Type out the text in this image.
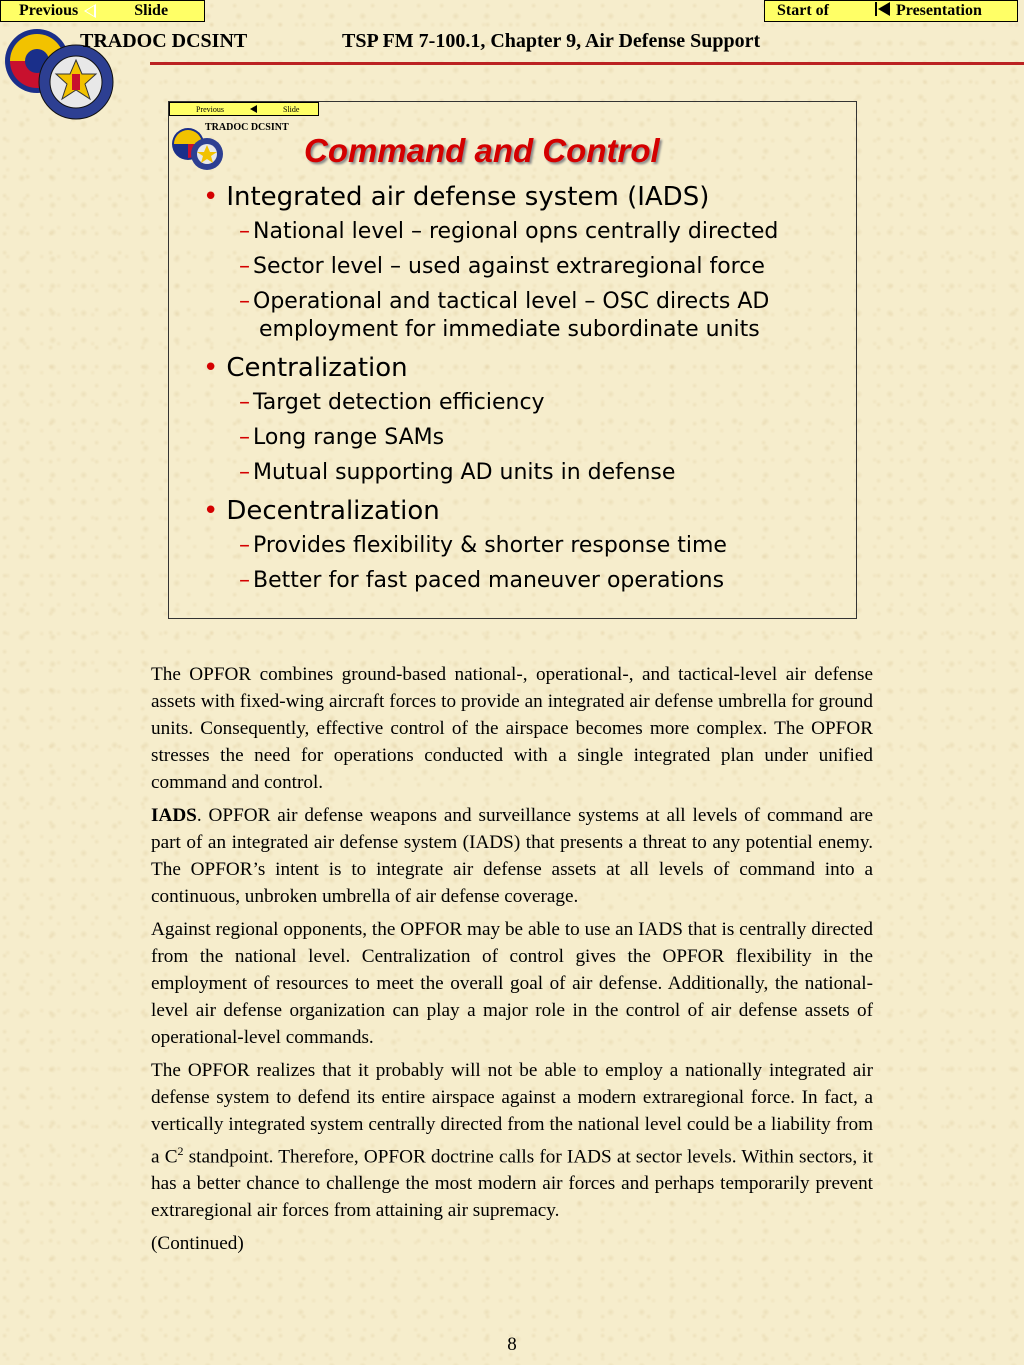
Previous	Slide	Start of	Presentation
TRADOC DCSINT	TSP FM 7-100.1, Chapter 9, Air Defense Support
Previous	Slide
TRADOC DCSINT
Command and Control
• Integrated air defense system (IADS)
– National level – regional opns centrally directed
– Sector level – used against extraregional force
– Operational and tactical level – OSC directs AD employment for immediate subordinate units
• Centralization
– Target detection efficiency
– Long range SAMs
– Mutual supporting AD units in defense
• Decentralization
– Provides flexibility & shorter response time
– Better for fast paced maneuver operations

The OPFOR combines ground-based national-, operational-, and tactical-level air defense assets with fixed-wing aircraft forces to provide an integrated air defense umbrella for ground units. Consequently, effective control of the airspace becomes more complex. The OPFOR stresses the need for operations conducted with a single integrated plan under unified command and control.

IADS. OPFOR air defense weapons and surveillance systems at all levels of command are part of an integrated air defense system (IADS) that presents a threat to any potential enemy. The OPFOR’s intent is to integrate air defense assets at all levels of command into a continuous, unbroken umbrella of air defense coverage.

Against regional opponents, the OPFOR may be able to use an IADS that is centrally directed from the national level. Centralization of control gives the OPFOR flexibility in the employment of resources to meet the overall goal of air defense. Additionally, the national-level air defense organization can play a major role in the control of air defense assets of operational-level commands.

The OPFOR realizes that it probably will not be able to employ a nationally integrated air defense system to defend its entire airspace against a modern extraregional force. In fact, a vertically integrated system centrally directed from the national level could be a liability from a $C^2$ standpoint. Therefore, OPFOR doctrine calls for IADS at sector levels. Within sectors, it has a better chance to challenge the most modern air forces and perhaps temporarily prevent extraregional air forces from attaining air supremacy.

(Continued)

8
